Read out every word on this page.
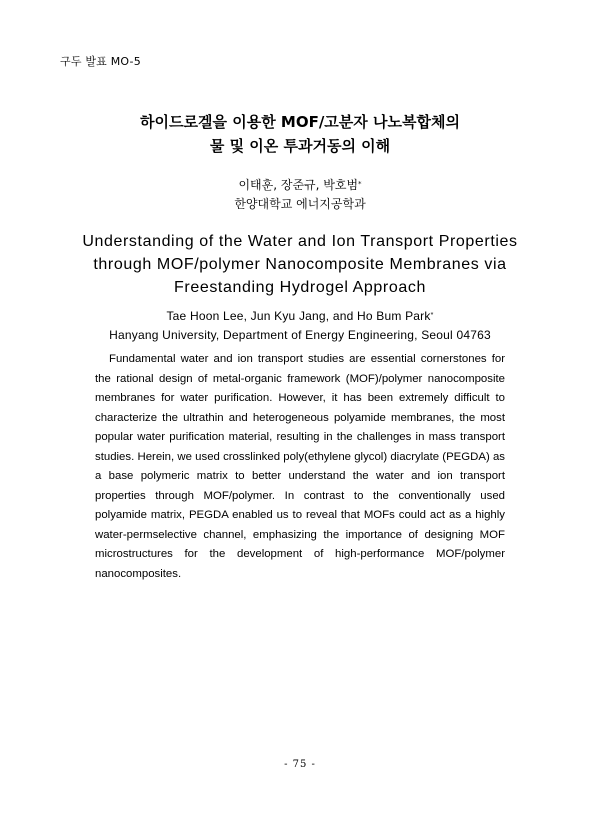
구두 발표 MO-5
하이드로겔을 이용한 MOF/고분자 나노복합체의
물 및 이온 투과거동의 이해
이태훈, 장준규, 박호범*
한양대학교 에너지공학과
Understanding of the Water and Ion Transport Properties
through MOF/polymer Nanocomposite Membranes via
Freestanding Hydrogel Approach
Tae Hoon Lee, Jun Kyu Jang, and Ho Bum Park*
Hanyang University, Department of Energy Engineering, Seoul 04763

Fundamental water and ion transport studies are essential cornerstones for the rational design of metal-organic framework (MOF)/polymer nanocomposite membranes for water purification. However, it has been extremely difficult to characterize the ultrathin and heterogeneous polyamide membranes, the most popular water purification material, resulting in the challenges in mass transport studies. Herein, we used crosslinked poly(ethylene glycol) diacrylate (PEGDA) as a base polymeric matrix to better understand the water and ion transport properties through MOF/polymer. In contrast to the conventionally used polyamide matrix, PEGDA enabled us to reveal that MOFs could act as a highly water-permselective channel, emphasizing the importance of designing MOF microstructures for the development of high-performance MOF/polymer nanocomposites.

- 75 -
